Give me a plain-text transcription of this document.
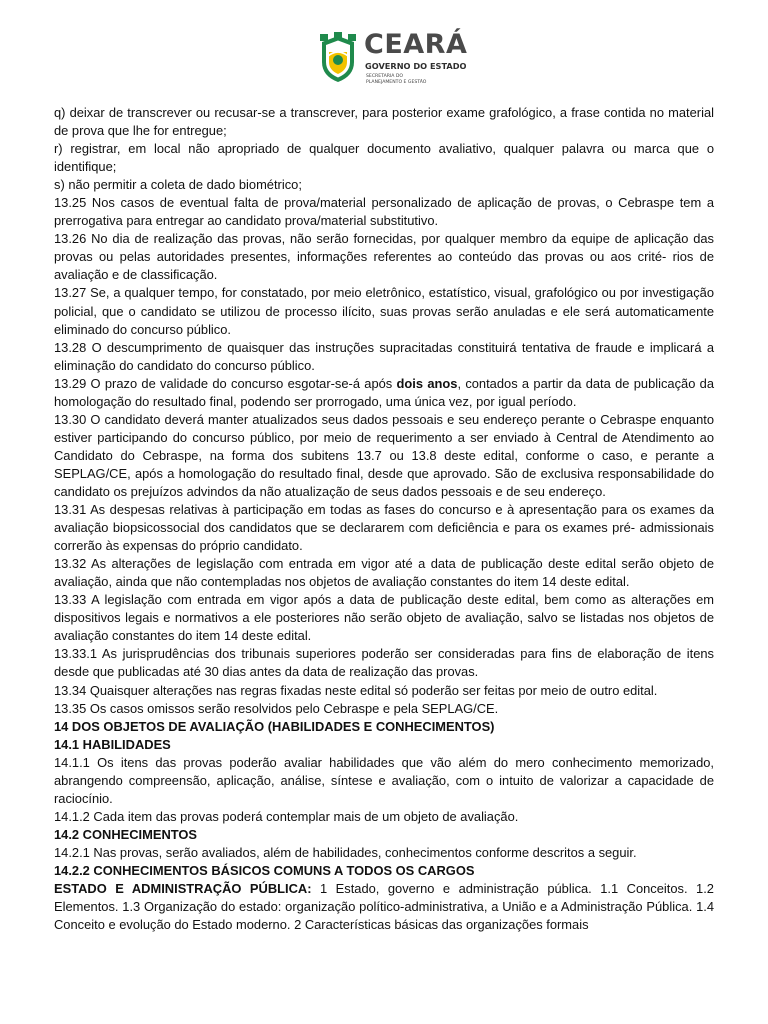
CEARÁ
GOVERNO DO ESTADO
SECRETARIA DO
PLANEJAMENTO E GESTÃO

q) deixar de transcrever ou recusar-se a transcrever, para posterior exame grafológico, a frase contida no material de prova que lhe for entregue;

r) registrar, em local não apropriado de qualquer documento avaliativo, qualquer palavra ou marca que o identifique;

s) não permitir a coleta de dado biométrico;

13.25 Nos casos de eventual falta de prova/material personalizado de aplicação de provas, o Cebraspe tem a prerrogativa para entregar ao candidato prova/material substitutivo.

13.26 No dia de realização das provas, não serão fornecidas, por qualquer membro da equipe de aplicação das provas ou pelas autoridades presentes, informações referentes ao conteúdo das provas ou aos crité- rios de avaliação e de classificação.

13.27 Se, a qualquer tempo, for constatado, por meio eletrônico, estatístico, visual, grafológico ou por investigação policial, que o candidato se utilizou de processo ilícito, suas provas serão anuladas e ele será automaticamente eliminado do concurso público.

13.28 O descumprimento de quaisquer das instruções supracitadas constituirá tentativa de fraude e implicará a eliminação do candidato do concurso público.

13.29 O prazo de validade do concurso esgotar-se-á após dois anos, contados a partir da data de publicação da homologação do resultado final, podendo ser prorrogado, uma única vez, por igual período.

13.30 O candidato deverá manter atualizados seus dados pessoais e seu endereço perante o Cebraspe enquanto estiver participando do concurso público, por meio de requerimento a ser enviado à Central de Atendimento ao Candidato do Cebraspe, na forma dos subitens 13.7 ou 13.8 deste edital, conforme o caso, e perante a SEPLAG/CE, após a homologação do resultado final, desde que aprovado. São de exclusiva responsabilidade do candidato os prejuízos advindos da não atualização de seus dados pessoais e de seu endereço.

13.31 As despesas relativas à participação em todas as fases do concurso e à apresentação para os exames da avaliação biopsicossocial dos candidatos que se declararem com deficiência e para os exames pré- admissionais correrão às expensas do próprio candidato.

13.32 As alterações de legislação com entrada em vigor até a data de publicação deste edital serão objeto de avaliação, ainda que não contempladas nos objetos de avaliação constantes do item 14 deste edital.

13.33 A legislação com entrada em vigor após a data de publicação deste edital, bem como as alterações em dispositivos legais e normativos a ele posteriores não serão objeto de avaliação, salvo se listadas nos objetos de avaliação constantes do item 14 deste edital.

13.33.1 As jurisprudências dos tribunais superiores poderão ser consideradas para fins de elaboração de itens desde que publicadas até 30 dias antes da data de realização das provas.

13.34 Quaisquer alterações nas regras fixadas neste edital só poderão ser feitas por meio de outro edital.

13.35 Os casos omissos serão resolvidos pelo Cebraspe e pela SEPLAG/CE.

14 DOS OBJETOS DE AVALIAÇÃO (HABILIDADES E CONHECIMENTOS)

14.1 HABILIDADES

14.1.1 Os itens das provas poderão avaliar habilidades que vão além do mero conhecimento memorizado, abrangendo compreensão, aplicação, análise, síntese e avaliação, com o intuito de valorizar a capacidade de raciocínio.

14.1.2 Cada item das provas poderá contemplar mais de um objeto de avaliação.

14.2 CONHECIMENTOS

14.2.1 Nas provas, serão avaliados, além de habilidades, conhecimentos conforme descritos a seguir.

14.2.2 CONHECIMENTOS BÁSICOS COMUNS A TODOS OS CARGOS

ESTADO E ADMINISTRAÇÃO PÚBLICA: 1 Estado, governo e administração pública. 1.1 Conceitos. 1.2 Elementos. 1.3 Organização do estado: organização político-administrativa, a União e a Administração Pública. 1.4 Conceito e evolução do Estado moderno. 2 Características básicas das organizações formais
